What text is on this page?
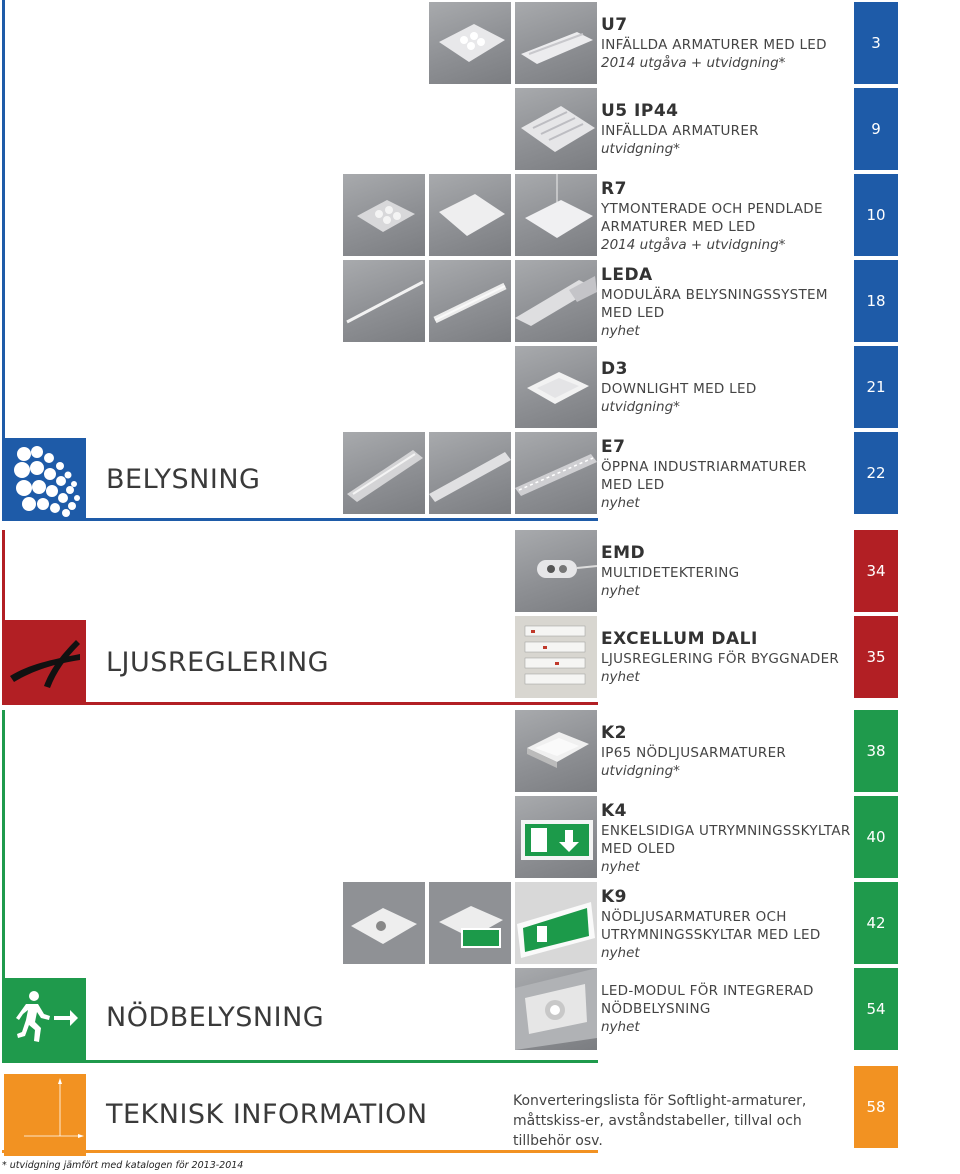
BELYSNING
LJUSREGLERING
NÖDBELYSNING
TEKNISK INFORMATION	Konverteringslista för Softlight-armaturer, måttskiss-er, avståndstabeller, tillval och tillbehör osv.
58
* utvidgning jämfört med katalogen för 2013-2014
U7
INFÄLLDA ARMATURER MED LED
2014 utgåva + utvidgning*
3
U5 IP44
INFÄLLDA ARMATURER
utvidgning*
9
R7
YTMONTERADE OCH PENDLADE
ARMATURER MED LED
2014 utgåva + utvidgning*
10
LEDA
MODULÄRA BELYSNINGSSYSTEM
MED LED
nyhet
18
D3
DOWNLIGHT MED LED
utvidgning*
21
E7
ÖPPNA INDUSTRIARMATURER
MED LED
nyhet
22
EMD
MULTIDETEKTERING
nyhet
34
EXCELLUM DALI
LJUSREGLERING FÖR BYGGNADER
nyhet
35
K2
IP65 NÖDLJUSARMATURER
utvidgning*
38
K4
ENKELSIDIGA UTRYMNINGSSKYLTAR
MED OLED
nyhet
40
K9
NÖDLJUSARMATURER OCH
UTRYMNINGSSKYLTAR MED LED
nyhet
42
LED-MODUL FÖR INTEGRERAD
NÖDBELYSNING
nyhet
54
